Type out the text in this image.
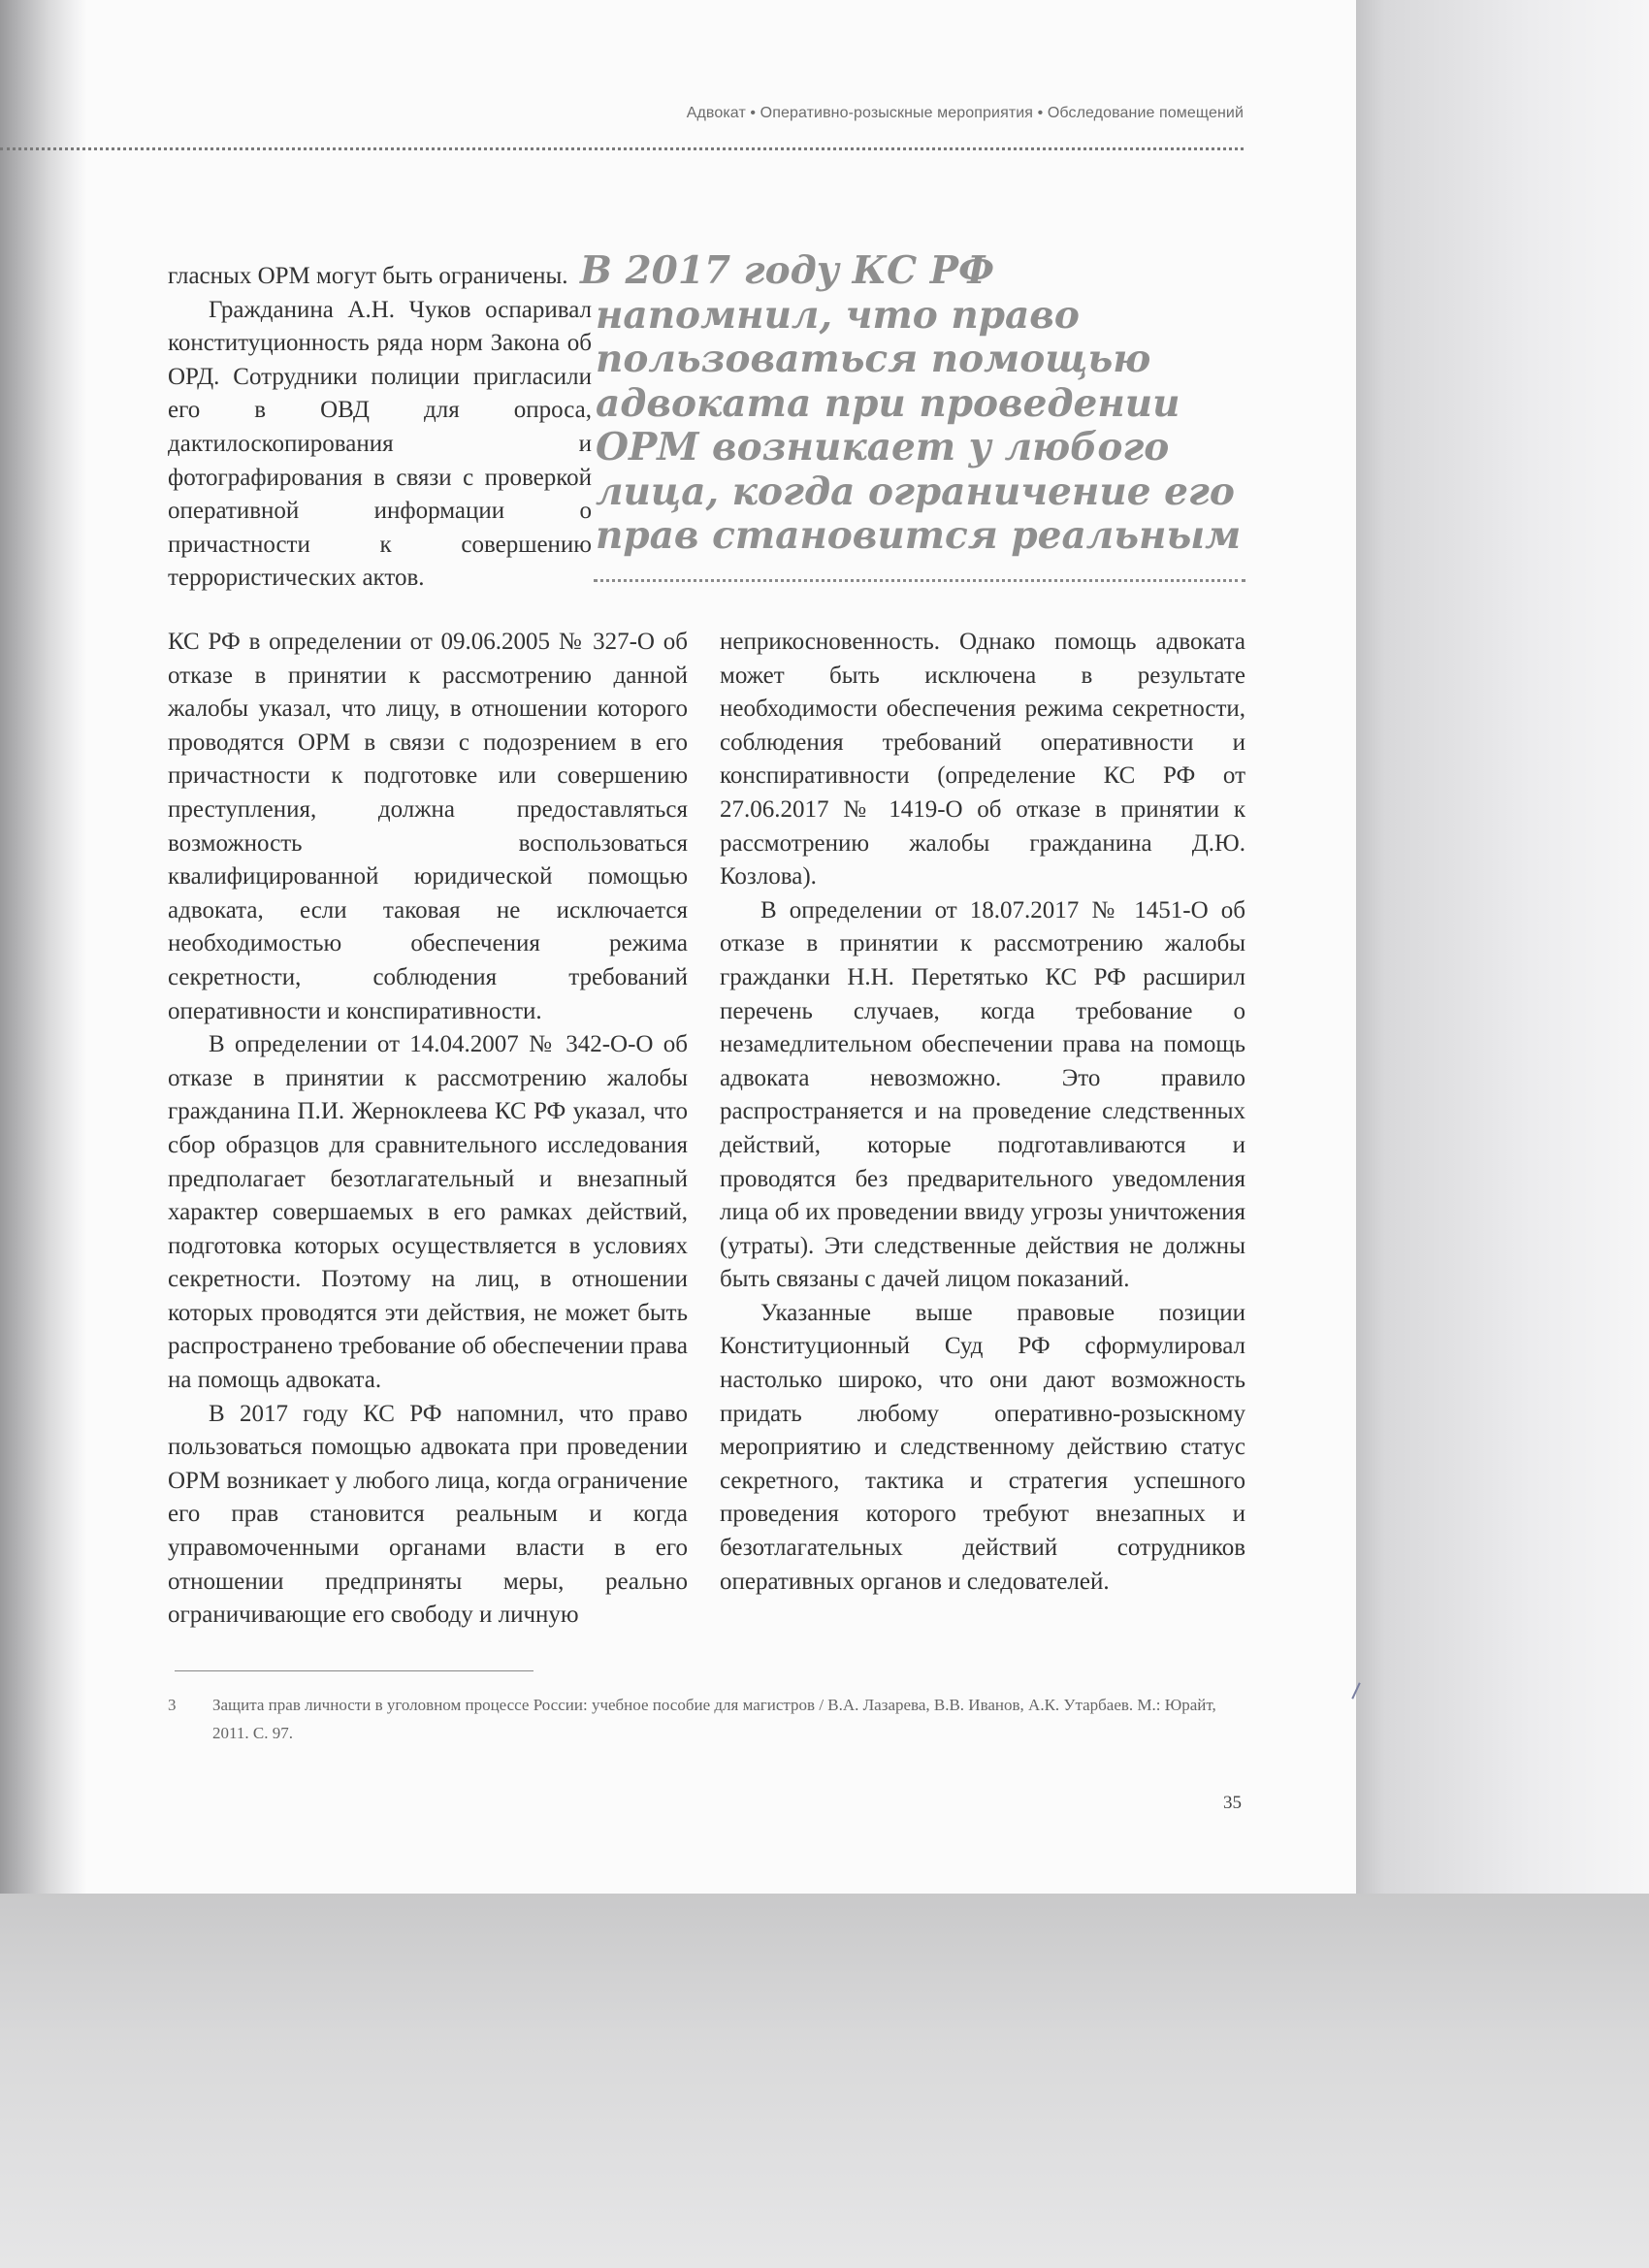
Адвокат • Оперативно-розыскные мероприятия • Обследование помещений
В 2017 году КС РФ
напомнил, что право
пользоваться помощью
адвоката при проведении
ОРМ возникает у любого
лица, когда ограничение его
прав становится реальным

гласных ОРМ могут быть ограничены.

Гражданина А.Н. Чуков оспаривал конституционность ряда норм Закона об ОРД. Сотрудники полиции пригласили его в ОВД для опроса, дактилоскопирования и фотографирования в связи с проверкой оперативной информации о причастности к совершению террористических актов.

КС РФ в определении от 09.06.2005 № 327-О об отказе в принятии к рассмотрению данной жалобы указал, что лицу, в отношении которого проводятся ОРМ в связи с подозрением в его причастности к подготовке или совершению преступления, должна предоставляться возможность воспользоваться квалифицированной юридической помощью адвоката, если таковая не исключается необходимостью обеспечения режима секретности, соблюдения требований оперативности и конспиративности.

В определении от 14.04.2007 № 342-О-О об отказе в принятии к рассмотрению жалобы гражданина П.И. Жерноклеева КС РФ указал, что сбор образцов для сравнительного исследования предполагает безотлагательный и внезапный характер совершаемых в его рамках действий, подготовка которых осуществляется в условиях секретности. Поэтому на лиц, в отношении которых проводятся эти действия, не может быть распространено требование об обеспечении права на помощь адвоката.

В 2017 году КС РФ напомнил, что право пользоваться помощью адвоката при проведении ОРМ возникает у любого лица, когда ограничение его прав становится реальным и когда управомоченными органами власти в его отношении предприняты меры, реально ограничивающие его свободу и личную

неприкосновенность. Однако помощь адвоката может быть исключена в результате необходимости обеспечения режима секретности, соблюдения требований оперативности и конспиративности (определение КС РФ от 27.06.2017 № 1419-О об отказе в принятии к рассмотрению жалобы гражданина Д.Ю. Козлова).

В определении от 18.07.2017 № 1451-О об отказе в принятии к рассмотрению жалобы гражданки Н.Н. Перетятько КС РФ расширил перечень случаев, когда требование о незамедлительном обеспечении права на помощь адвоката невозможно. Это правило распространяется и на проведение следственных действий, которые подготавливаются и проводятся без предварительного уведомления лица об их проведении ввиду угрозы уничтожения (утраты). Эти следственные действия не должны быть связаны с дачей лицом показаний.

Указанные выше правовые позиции Конституционный Суд РФ сформулировал настолько широко, что они дают возможность придать любому оперативно-розыскному мероприятию и следственному действию статус секретного, тактика и стратегия успешного проведения которого требуют внезапных и безотлагательных действий сотрудников оперативных органов и следователей.

3 Защита прав личности в уголовном процессе России: учебное пособие для магистров / В.А. Лазарева, В.В. Иванов, А.К. Утарбаев. М.: Юрайт, 2011. С. 97.
35
